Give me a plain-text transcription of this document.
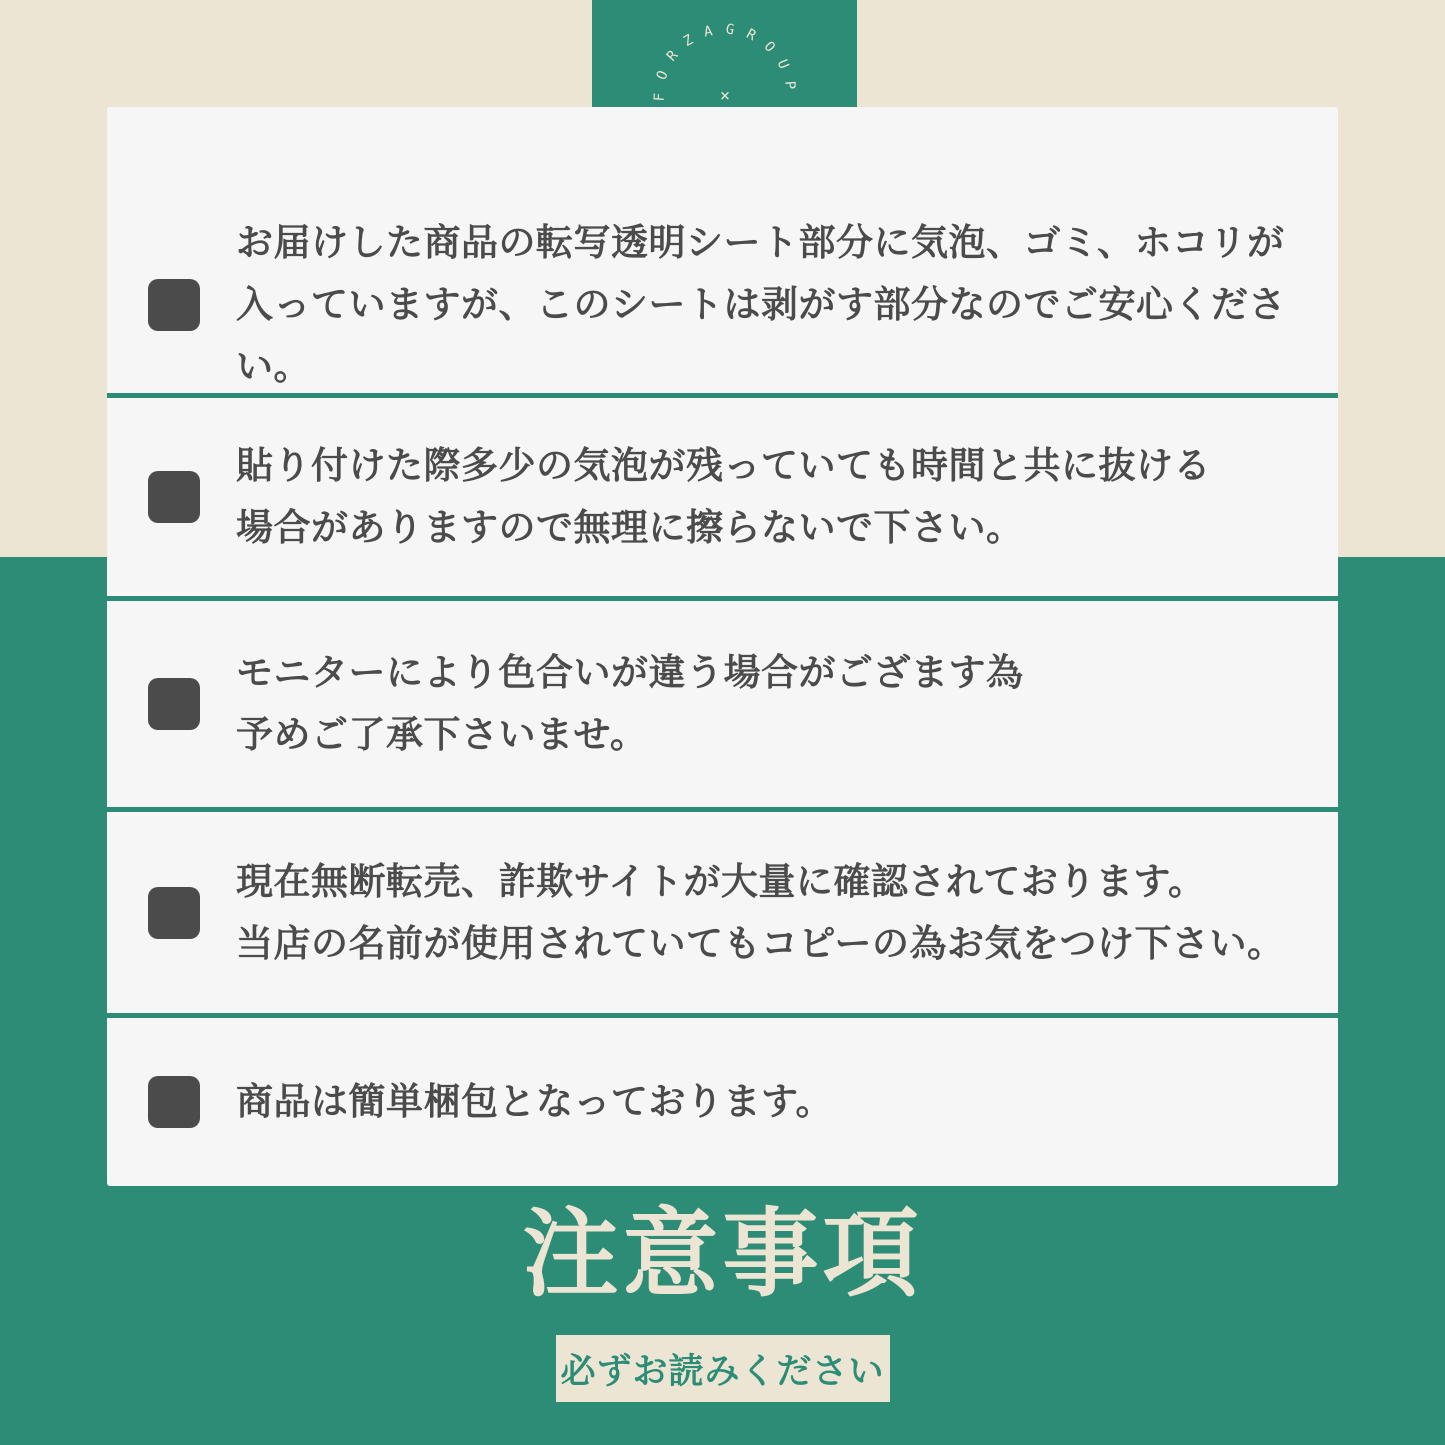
FORZAGROUP
×
お届けした商品の転写透明シート部分に気泡、ゴミ、ホコリが
入っていますが、このシートは剥がす部分なのでご安心ください。
貼り付けた際多少の気泡が残っていても時間と共に抜ける
場合がありますので無理に擦らないで下さい。
モニターにより色合いが違う場合がござます為
予めご了承下さいませ。
現在無断転売、詐欺サイトが大量に確認されております。
当店の名前が使用されていてもコピーの為お気をつけ下さい。
商品は簡単梱包となっております。
注意事項
必ずお読みください
